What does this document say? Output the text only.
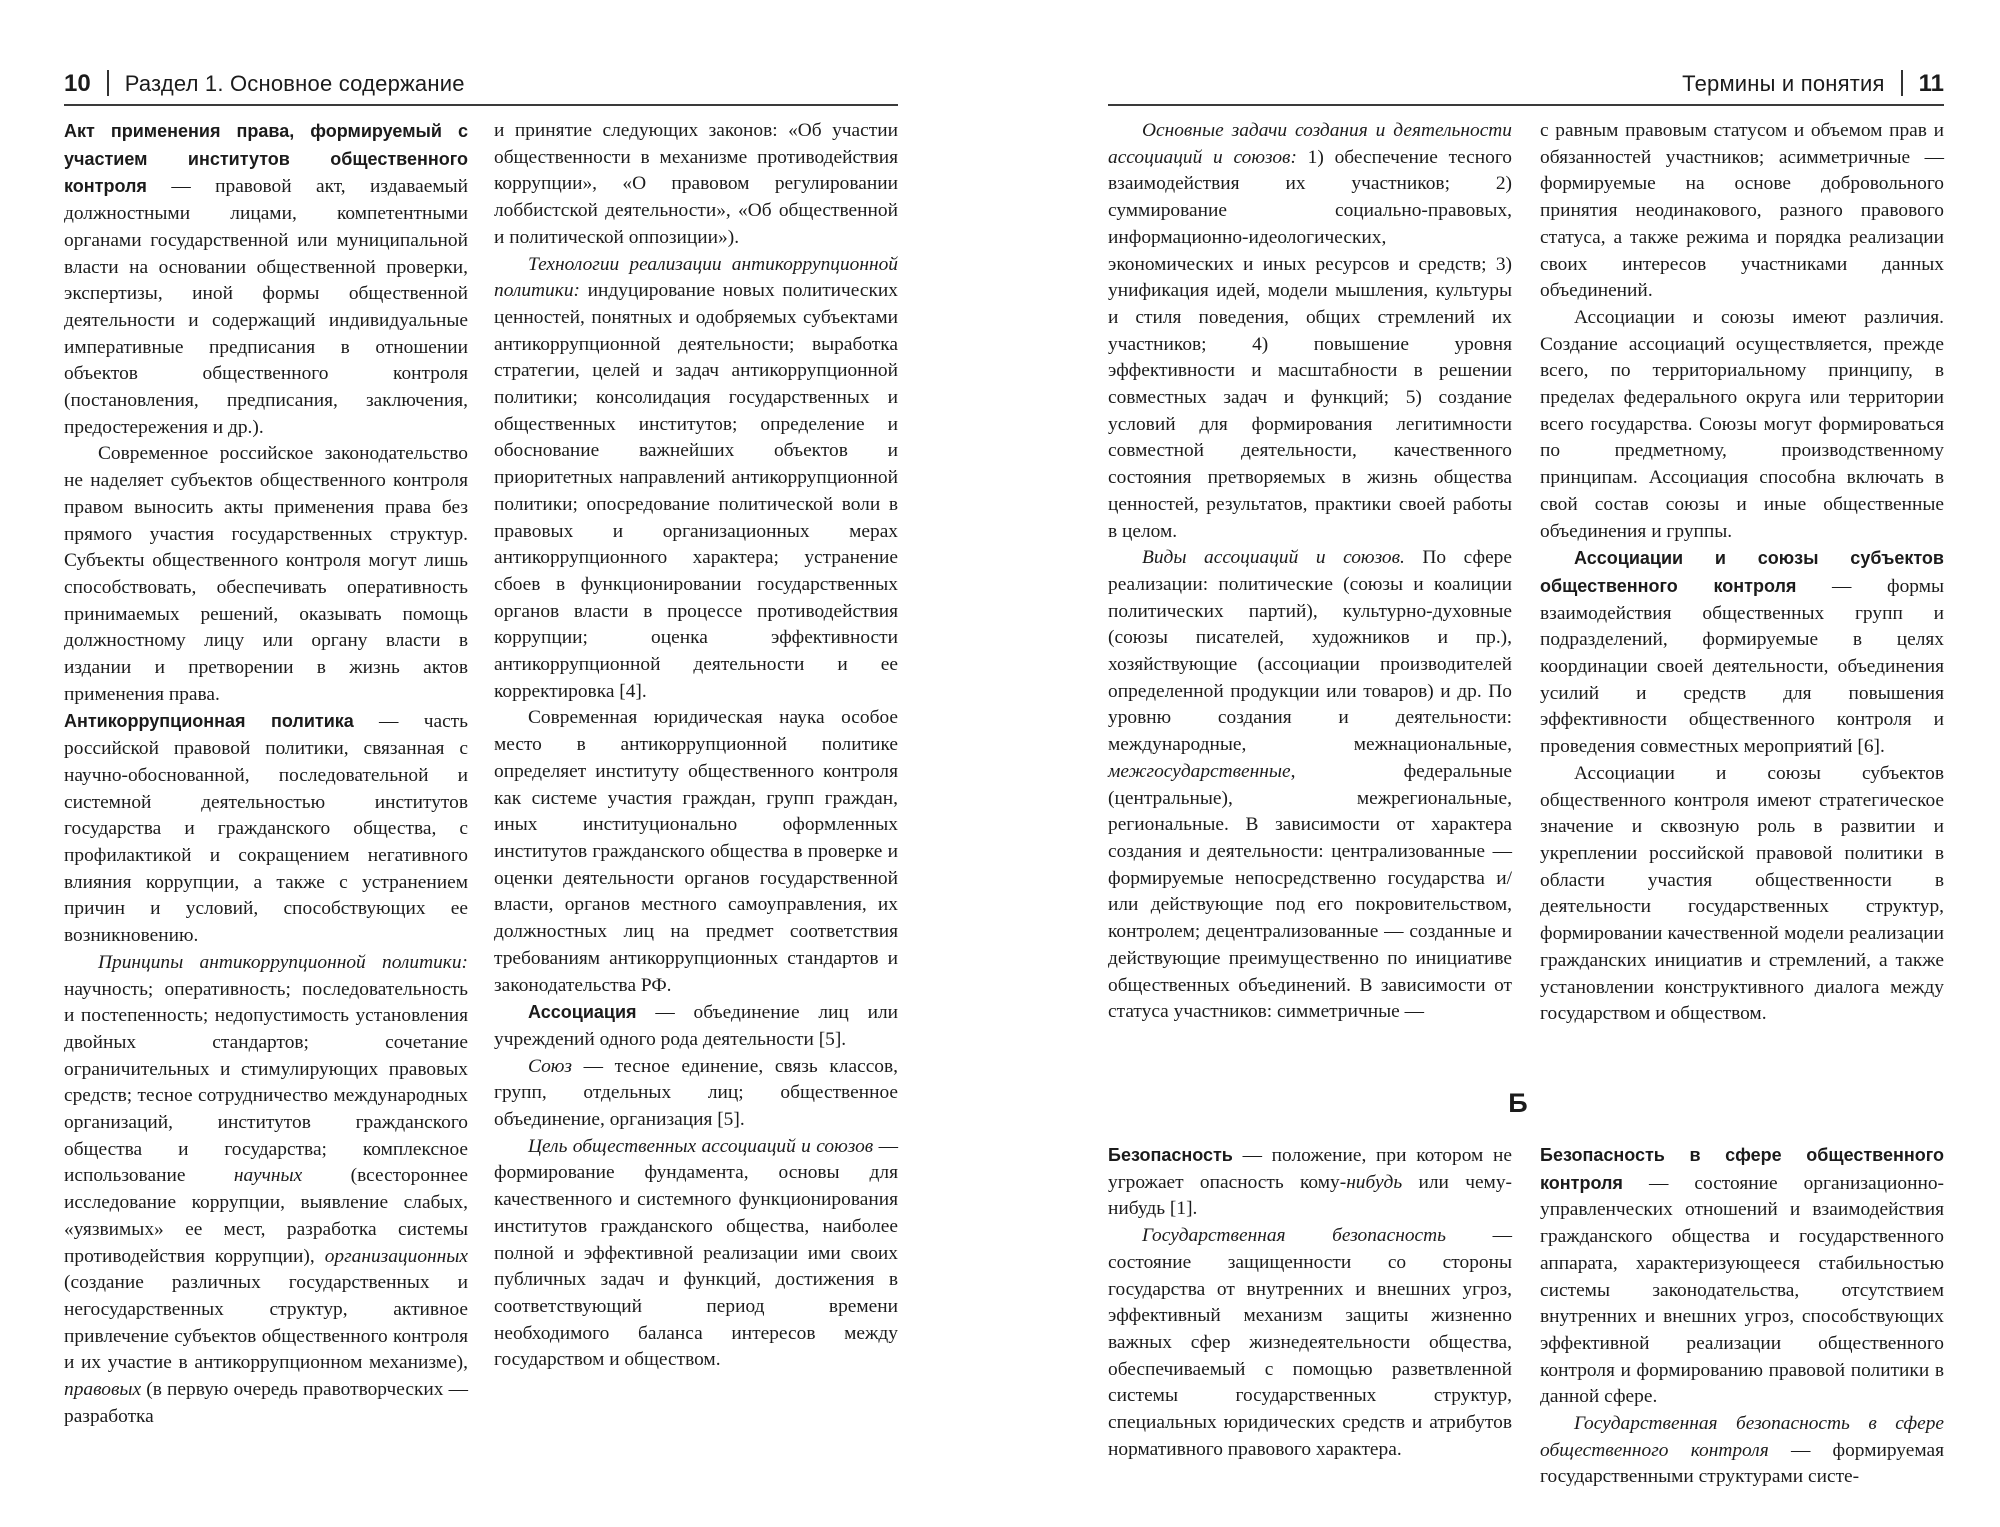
10 Раздел 1. Основное содержание

Акт применения права, формируемый с участием институтов общественного контроля — правовой акт, издаваемый должностными лицами, компетентными органами государственной или муниципальной власти на основании общественной проверки, экспертизы, иной формы общественной деятельности и содержащий индивидуальные императивные предписания в отношении объектов общественного контроля (постановления, предписания, заключения, предостережения и др.).

Современное российское законодательство не наделяет субъектов общественного контроля правом выносить акты применения права без прямого участия государственных структур. Субъекты общественного контроля могут лишь способствовать, обеспечивать оперативность принимаемых решений, оказывать помощь должностному лицу или органу власти в издании и претворении в жизнь актов применения права.

Антикоррупционная политика — часть российской правовой политики, связанная с научно-обоснованной, последовательной и системной деятельностью институтов государства и гражданского общества, с профилактикой и сокращением негативного влияния коррупции, а также с устранением причин и условий, способствующих ее возникновению.

Принципы антикоррупционной политики: научность; оперативность; последовательность и постепенность; недопустимость установления двойных стандартов; сочетание ограничительных и стимулирующих правовых средств; тесное сотрудничество международных организаций, институтов гражданского общества и государства; комплексное использование научных (всестороннее исследование коррупции, выявление слабых, «уязвимых» ее мест, разработка системы противодействия коррупции), организационных (создание различных государственных и негосударственных структур, активное привлечение субъектов общественного контроля и их участие в антикоррупционном механизме), правовых (в первую очередь правотворческих — разработка

и принятие следующих законов: «Об участии общественности в механизме противодействия коррупции», «О правовом регулировании лоббистской деятельности», «Об общественной и политической оппозиции»).

Технологии реализации антикоррупционной политики: индуцирование новых политических ценностей, понятных и одобряемых субъектами антикоррупционной деятельности; выработка стратегии, целей и задач антикоррупционной политики; консолидация государственных и общественных институтов; определение и обоснование важнейших объектов и приоритетных направлений антикоррупционной политики; опосредование политической воли в правовых и организационных мерах антикоррупционного характера; устранение сбоев в функционировании государственных органов власти в процессе противодействия коррупции; оценка эффективности антикоррупционной деятельности и ее корректировка [4].

Современная юридическая наука особое место в антикоррупционной политике определяет институту общественного контроля как системе участия граждан, групп граждан, иных институционально оформленных институтов гражданского общества в проверке и оценки деятельности органов государственной власти, органов местного самоуправления, их должностных лиц на предмет соответствия требованиям антикоррупционных стандартов и законодательства РФ.

Ассоциация — объединение лиц или учреждений одного рода деятельности [5].

Союз — тесное единение, связь классов, групп, отдельных лиц; общественное объединение, организация [5].

Цель общественных ассоциаций и союзов — формирование фундамента, основы для качественного и системного функционирования институтов гражданского общества, наиболее полной и эффективной реализации ими своих публичных задач и функций, достижения в соответствующий период времени необходимого баланса интересов между государством и обществом.

Термины и понятия 11

Основные задачи создания и деятельности ассоциаций и союзов: 1) обеспечение тесного взаимодействия их участников; 2) суммирование социально-правовых, информационно-идеологических, экономических и иных ресурсов и средств; 3) унификация идей, модели мышления, культуры и стиля поведения, общих стремлений их участников; 4) повышение уровня эффективности и масштабности в решении совместных задач и функций; 5) создание условий для формирования легитимности совместной деятельности, качественного состояния претворяемых в жизнь общества ценностей, результатов, практики своей работы в целом.

Виды ассоциаций и союзов. По сфере реализации: политические (союзы и коалиции политических партий), культурно-духовные (союзы писателей, художников и пр.), хозяйствующие (ассоциации производителей определенной продукции или товаров) и др. По уровню создания и деятельности: международные, межнациональные, межгосударственные, федеральные (центральные), межрегиональные, региональные. В зависимости от характера создания и деятельности: централизованные — формируемые непосредственно государства и/или действующие под его покровительством, контролем; децентрализованные — созданные и действующие преимущественно по инициативе общественных объединений. В зависимости от статуса участников: симметричные —

с равным правовым статусом и объемом прав и обязанностей участников; асимметричные — формируемые на основе добровольного принятия неодинакового, разного правового статуса, а также режима и порядка реализации своих интересов участниками данных объединений.

Ассоциации и союзы имеют различия. Создание ассоциаций осуществляется, прежде всего, по территориальному принципу, в пределах федерального округа или территории всего государства. Союзы могут формироваться по предметному, производственному принципам. Ассоциация способна включать в свой состав союзы и иные общественные объединения и группы.

Ассоциации и союзы субъектов общественного контроля — формы взаимодействия общественных групп и подразделений, формируемые в целях координации своей деятельности, объединения усилий и средств для повышения эффективности общественного контроля и проведения совместных мероприятий [6].

Ассоциации и союзы субъектов общественного контроля имеют стратегическое значение и сквозную роль в развитии и укреплении российской правовой политики в области участия общественности в деятельности государственных структур, формировании качественной модели реализации гражданских инициатив и стремлений, а также установлении конструктивного диалога между государством и обществом.

Б

Безопасность — положение, при котором не угрожает опасность кому-нибудь или чему-нибудь [1].

Государственная безопасность — состояние защищенности со стороны государства от внутренних и внешних угроз, эффективный механизм защиты жизненно важных сфер жизнедеятельности общества, обеспечиваемый с помощью разветвленной системы государственных структур, специальных юридических средств и атрибутов нормативного правового характера.

Безопасность в сфере общественного контроля — состояние организационно-управленческих отношений и взаимодействия гражданского общества и государственного аппарата, характеризующееся стабильностью системы законодательства, отсутствием внутренних и внешних угроз, способствующих эффективной реализации общественного контроля и формированию правовой политики в данной сфере.

Государственная безопасность в сфере общественного контроля — формируемая государственными структурами систе-
